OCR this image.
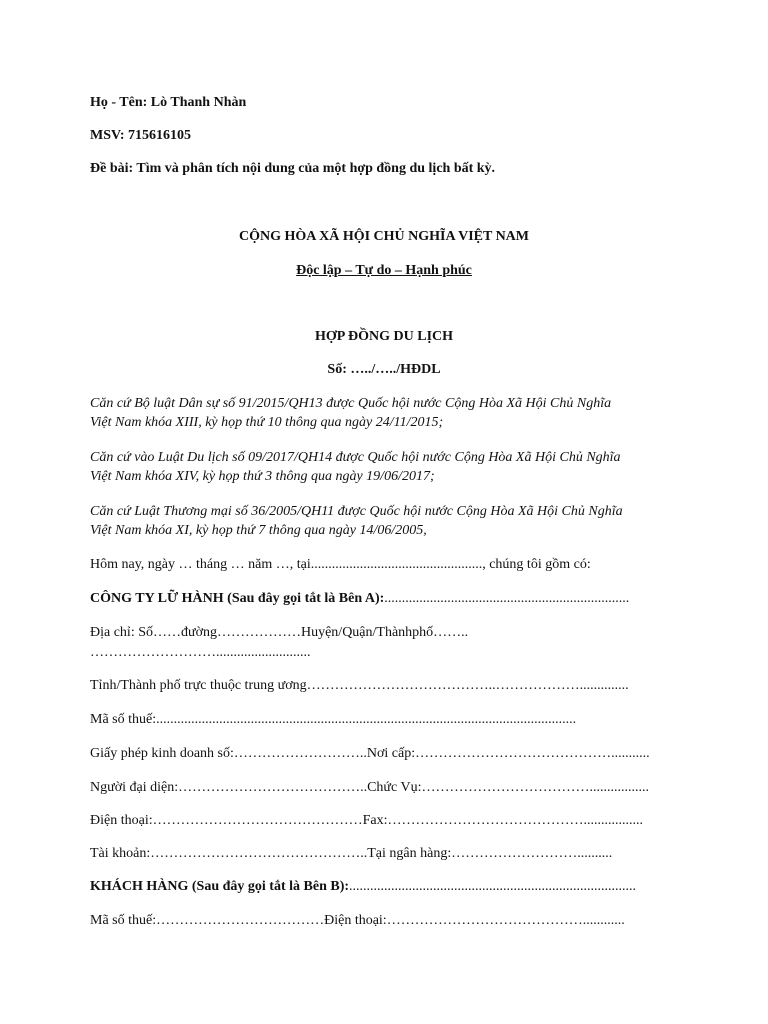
Họ - Tên: Lò Thanh Nhàn
MSV: 715616105
Đề bài: Tìm và phân tích nội dung của một hợp đồng du lịch bất kỳ.
CỘNG HÒA XÃ HỘI CHỦ NGHĨA VIỆT NAM
Độc lập – Tự do – Hạnh phúc
HỢP ĐỒNG DU LỊCH
Số: …../…../HĐDL
Căn cứ Bộ luật Dân sự số 91/2015/QH13 được Quốc hội nước Cộng Hòa Xã Hội Chủ Nghĩa
Việt Nam khóa XIII, kỳ họp thứ 10 thông qua ngày 24/11/2015;
Căn cứ vào Luật Du lịch số 09/2017/QH14 được Quốc hội nước Cộng Hòa Xã Hội Chủ Nghĩa
Việt Nam khóa XIV, kỳ họp thứ 3 thông qua ngày 19/06/2017;
Căn cứ Luật Thương mại số 36/2005/QH11 được Quốc hội nước Cộng Hòa Xã Hội Chủ Nghĩa
Việt Nam khóa XI, kỳ họp thứ 7 thông qua ngày 14/06/2005,
Hôm nay, ngày … tháng … năm …, tại................................................., chúng tôi gồm có:
CÔNG TY LỮ HÀNH (Sau đây gọi tắt là Bên A):......................................................................
Địa chỉ: Số……đường………………Huyện/Quận/Thànhphố……..
………………………...........................
Tỉnh/Thành phố trực thuộc trung ương…………………………………..………………..............
Mã số thuế:........................................................................................................................
Giấy phép kinh doanh số:………………………..Nơi cấp:……………………………………...........
Người đại diện:…………………………………..Chức Vụ:……………………………….................
Điện thoại:………………………………………Fax:…………………………………….................
Tài khoản:………………………………………..Tại ngân hàng:………………………..........
KHÁCH HÀNG (Sau đây gọi tắt là Bên B):..................................................................................
Mã số thuế:………………………………Điện thoại:……………………………………............
